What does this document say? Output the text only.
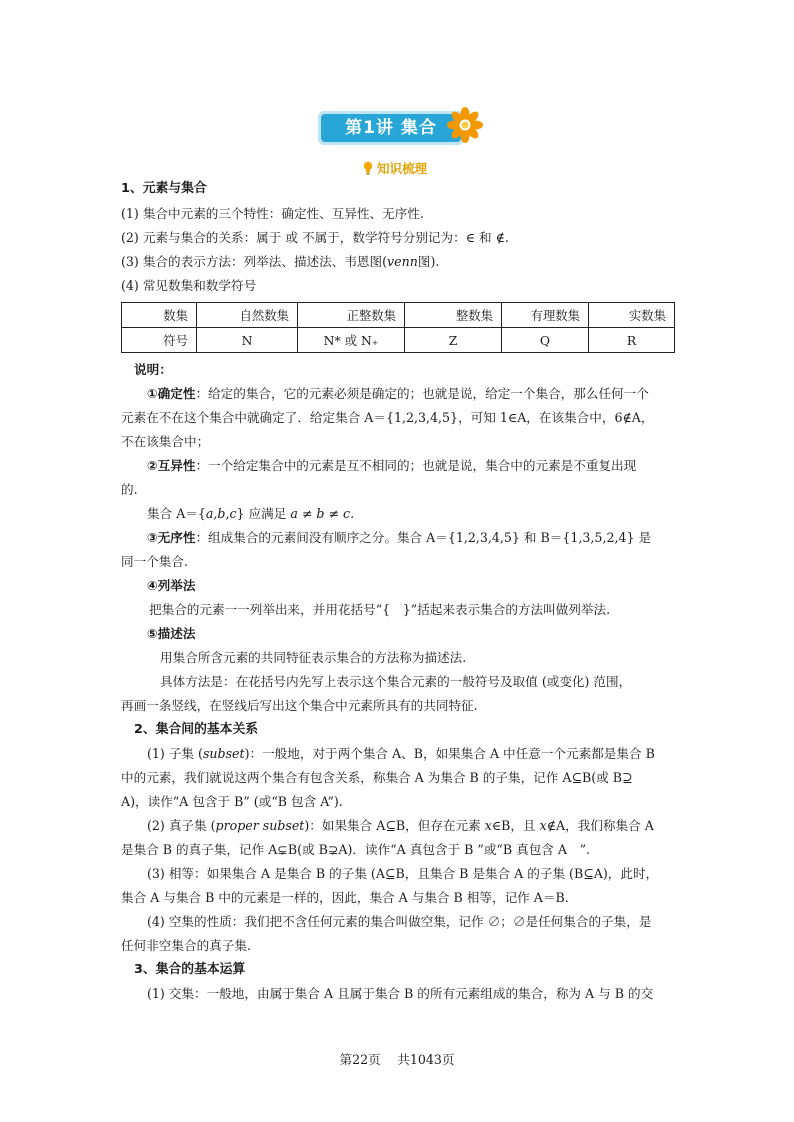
第1讲 集合
知识梳理
1、元素与集合
(1) 集合中元素的三个特性：确定性、互异性、无序性.
(2) 元素与集合的关系：属于 或 不属于，数学符号分别记为：∈ 和 ∉.
(3) 集合的表示方法：列举法、描述法、韦恩图(venn图).
(4) 常见数集和数学符号
数集	自然数集	正整数集	整数集	有理数集	实数集
符号	N	N* 或 N₊	Z	Q	R
说明：
①确定性：给定的集合，它的元素必须是确定的；也就是说，给定一个集合，那么任何一个
元素在不在这个集合中就确定了．给定集合 A＝{1,2,3,4,5}，可知 1∈A，在该集合中，6∉A，
不在该集合中；
②互异性：一个给定集合中的元素是互不相同的；也就是说，集合中的元素是不重复出现
的.
集合 A＝{a,b,c} 应满足 a ≠ b ≠ c.
③无序性：组成集合的元素间没有顺序之分。集合 A＝{1,2,3,4,5} 和 B＝{1,3,5,2,4} 是
同一个集合.
④列举法
把集合的元素一一列举出来，并用花括号“{　}”括起来表示集合的方法叫做列举法.
⑤描述法
用集合所含元素的共同特征表示集合的方法称为描述法.
具体方法是：在花括号内先写上表示这个集合元素的一般符号及取值 (或变化) 范围，
再画一条竖线，在竖线后写出这个集合中元素所具有的共同特征.
2、集合间的基本关系
(1) 子集 (subset)：一般地，对于两个集合 A、B，如果集合 A 中任意一个元素都是集合 B
中的元素，我们就说这两个集合有包含关系，称集合 A 为集合 B 的子集，记作 A⊆B(或 B⊇
A)，读作“A 包含于 B” (或“B 包含 A”).
(2) 真子集 (proper subset)：如果集合 A⊆B，但存在元素 x∈B，且 x∉A，我们称集合 A
是集合 B 的真子集，记作 A⊊B(或 B⊋A)．读作“A 真包含于 B ”或“B 真包含 A　”.
(3) 相等：如果集合 A 是集合 B 的子集 (A⊆B，且集合 B 是集合 A 的子集 (B⊆A)，此时，
集合 A 与集合 B 中的元素是一样的，因此，集合 A 与集合 B 相等，记作 A＝B.
(4) 空集的性质：我们把不含任何元素的集合叫做空集，记作 ∅；∅是任何集合的子集，是
任何非空集合的真子集.
3、集合的基本运算
(1) 交集：一般地，由属于集合 A 且属于集合 B 的所有元素组成的集合，称为 A 与 B 的交
第22页　 共1043页
